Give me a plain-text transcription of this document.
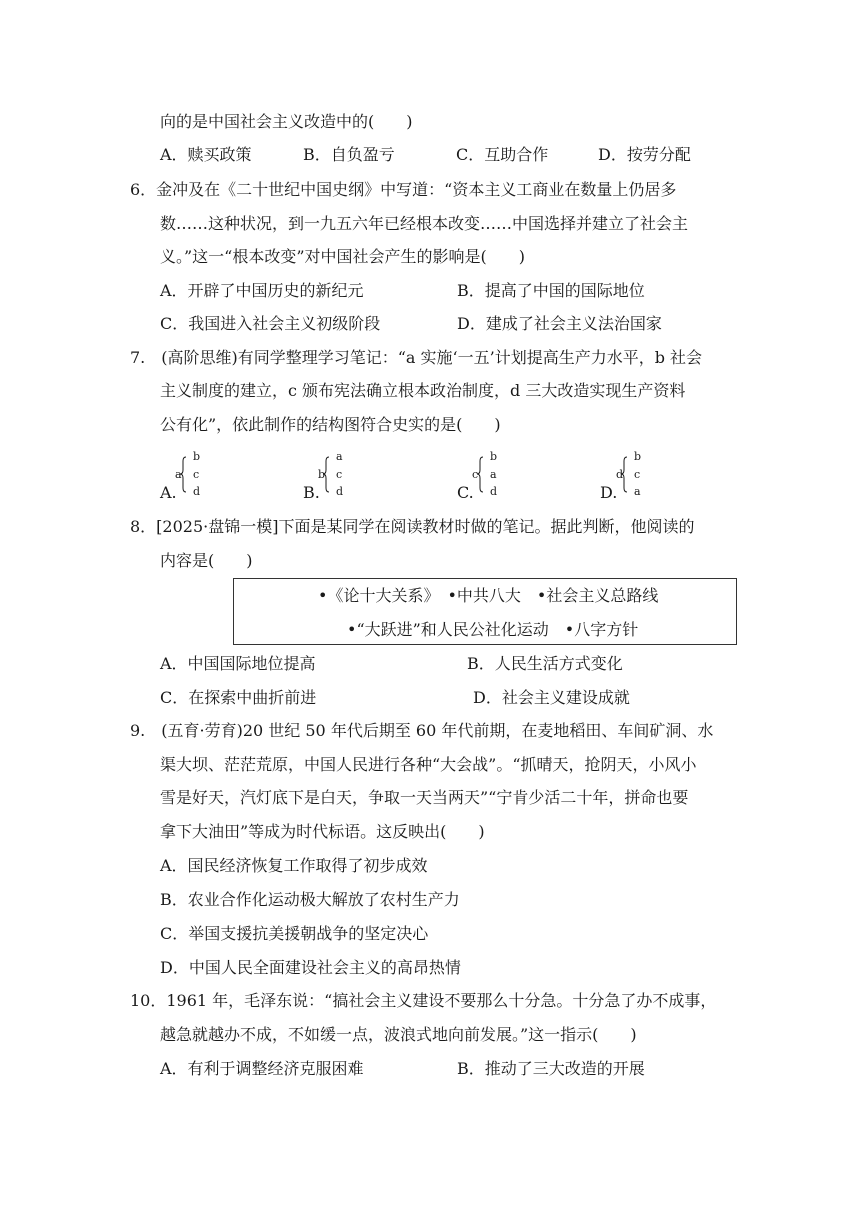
向的是中国社会主义改造中的(　　)
A．赎买政策	B．自负盈亏	C．互助合作	D．按劳分配
6．金冲及在《二十世纪中国史纲》中写道：“资本主义工商业在数量上仍居多
数……这种状况，到一九五六年已经根本改变……中国选择并建立了社会主
义。”这一“根本改变”对中国社会产生的影响是(　　)
A．开辟了中国历史的新纪元	B．提高了中国的国际地位
C．我国进入社会主义初级阶段	D．建成了社会主义法治国家
7.　(高阶思维)有同学整理学习笔记：“a 实施‘一五’计划提高生产力水平，b 社会
主义制度的建立，c 颁布宪法确立根本政治制度，d 三大改造实现生产资料
公有化”，依此制作的结构图符合史实的是(　　)
A.
a
b
c
d	B.
b
a
c
d	C.
c
b
a
d	D.
d
b
c
a
8．[2025·盘锦一模]下面是某同学在阅读教材时做的笔记。据此判断，他阅读的
内容是(　　)
•《论十大关系》　•中共八大　•社会主义总路线
•“大跃进”和人民公社化运动　•八字方针
A．中国国际地位提高	B．人民生活方式变化
C．在探索中曲折前进	D．社会主义建设成就
9.　(五育·劳育)20 世纪 50 年代后期至 60 年代前期，在麦地稻田、车间矿洞、水
渠大坝、茫茫荒原，中国人民进行各种“大会战”。“抓晴天，抢阴天，小风小
雪是好天，汽灯底下是白天，争取一天当两天”“宁肯少活二十年，拼命也要
拿下大油田”等成为时代标语。这反映出(　　)
A．国民经济恢复工作取得了初步成效
B．农业合作化运动极大解放了农村生产力
C．举国支援抗美援朝战争的坚定决心
D．中国人民全面建设社会主义的高昂热情
10．1961 年，毛泽东说：“搞社会主义建设不要那么十分急。十分急了办不成事，
越急就越办不成，不如缓一点，波浪式地向前发展。”这一指示(　　)
A．有利于调整经济克服困难	B．推动了三大改造的开展
